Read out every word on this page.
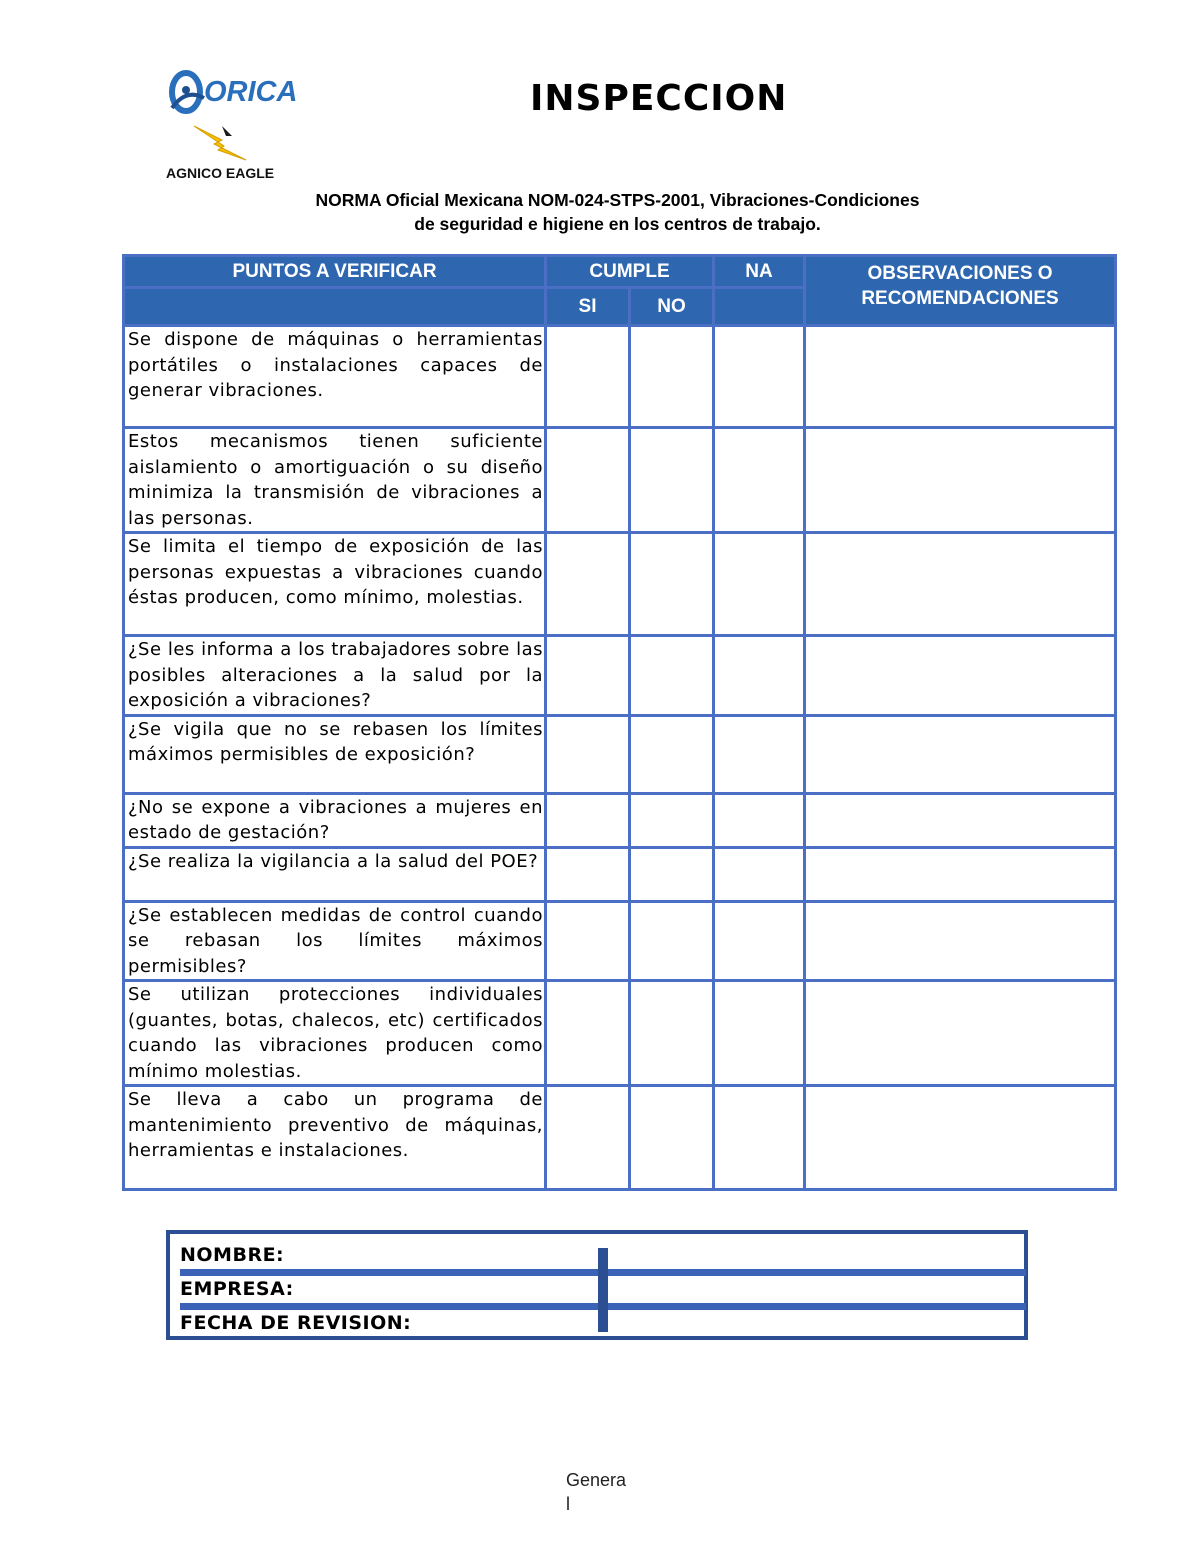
ORICA
AGNICO EAGLE
INSPECCION
NORMA Oficial Mexicana NOM-024-STPS-2001, Vibraciones-Condiciones
de seguridad e higiene en los centros de trabajo.
PUNTOS A VERIFICAR	CUMPLE		NA	OBSERVACIONES O RECOMENDACIONES
	SI	NO		
Se dispone de máquinas o herramientas portátiles o instalaciones capaces de generar vibraciones.				
Estos mecanismos tienen suficiente aislamiento o amortiguación o su diseño minimiza la transmisión de vibraciones a las personas.				
Se limita el tiempo de exposición de las personas expuestas a vibraciones cuando éstas producen, como mínimo, molestias.				
¿Se les informa a los trabajadores sobre las posibles alteraciones a la salud por la exposición a vibraciones?				
¿Se vigila que no se rebasen los límites máximos permisibles de exposición?				
¿No se expone a vibraciones a mujeres en estado de gestación?				
¿Se realiza la vigilancia a la salud del POE?				
¿Se establecen medidas de control cuando se rebasan los límites máximos permisibles?				
Se utilizan protecciones individuales (guantes, botas, chalecos, etc) certificados cuando las vibraciones producen como mínimo molestias.				
Se lleva a cabo un programa de mantenimiento preventivo de máquinas, herramientas e instalaciones.				
NOMBRE:
EMPRESA:
FECHA DE REVISION:
Genera
l
